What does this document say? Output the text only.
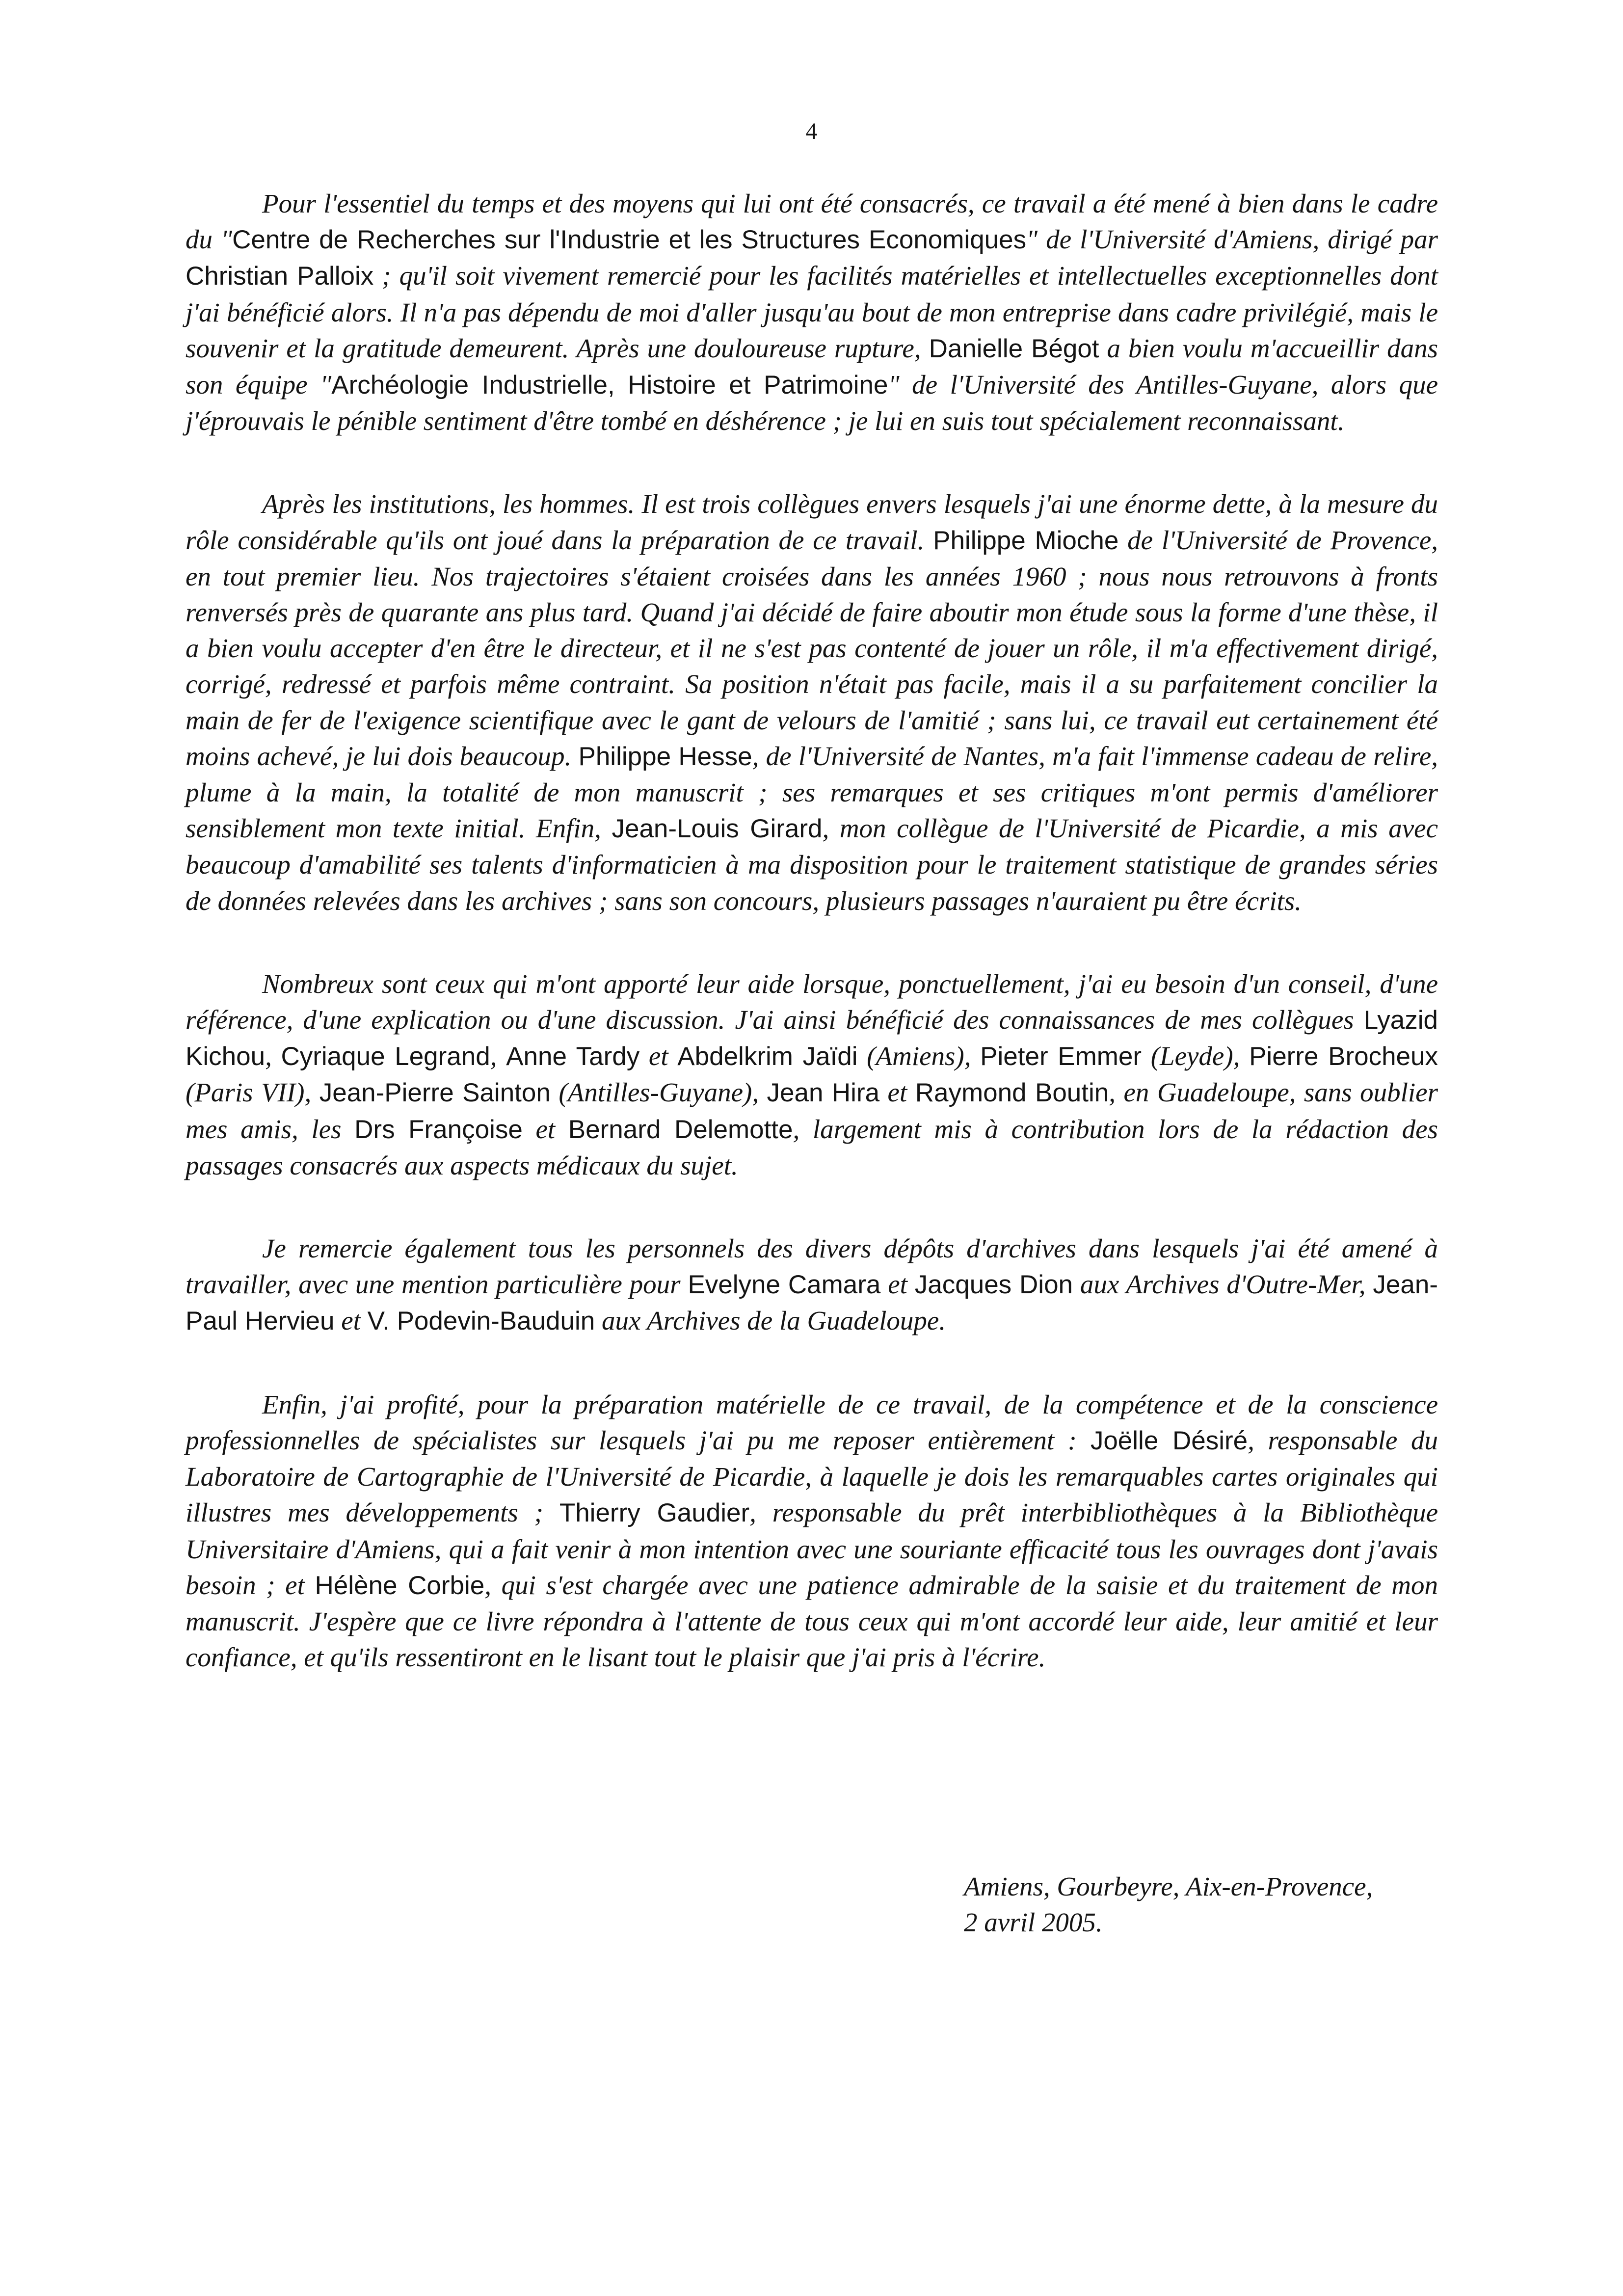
4

Pour l'essentiel du temps et des moyens qui lui ont été consacrés, ce travail a été mené à bien dans le cadre du "Centre de Recherches sur l'Industrie et les Structures Economiques" de l'Université d'Amiens, dirigé par Christian Palloix ; qu'il soit vivement remercié pour les facilités matérielles et intellectuelles exceptionnelles dont j'ai bénéficié alors. Il n'a pas dépendu de moi d'aller jusqu'au bout de mon entreprise dans cadre privilégié, mais le souvenir et la gratitude demeurent. Après une douloureuse rupture, Danielle Bégot a bien voulu m'accueillir dans son équipe "Archéologie Industrielle, Histoire et Patrimoine" de l'Université des Antilles-Guyane, alors que j'éprouvais le pénible sentiment d'être tombé en déshérence ; je lui en suis tout spécialement reconnaissant.

Après les institutions, les hommes. Il est trois collègues envers lesquels j'ai une énorme dette, à la mesure du rôle considérable qu'ils ont joué dans la préparation de ce travail. Philippe Mioche de l'Université de Provence, en tout premier lieu. Nos trajectoires s'étaient croisées dans les années 1960 ; nous nous retrouvons à fronts renversés près de quarante ans plus tard. Quand j'ai décidé de faire aboutir mon étude sous la forme d'une thèse, il a bien voulu accepter d'en être le directeur, et il ne s'est pas contenté de jouer un rôle, il m'a effectivement dirigé, corrigé, redressé et parfois même contraint. Sa position n'était pas facile, mais il a su parfaitement concilier la main de fer de l'exigence scientifique avec le gant de velours de l'amitié ; sans lui, ce travail eut certainement été moins achevé, je lui dois beaucoup. Philippe Hesse, de l'Université de Nantes, m'a fait l'immense cadeau de relire, plume à la main, la totalité de mon manuscrit ; ses remarques et ses critiques m'ont permis d'améliorer sensiblement mon texte initial. Enfin, Jean-Louis Girard, mon collègue de l'Université de Picardie, a mis avec beaucoup d'amabilité ses talents d'informaticien à ma disposition pour le traitement statistique de grandes séries de données relevées dans les archives ; sans son concours, plusieurs passages n'auraient pu être écrits.

Nombreux sont ceux qui m'ont apporté leur aide lorsque, ponctuellement, j'ai eu besoin d'un conseil, d'une référence, d'une explication ou d'une discussion. J'ai ainsi bénéficié des connaissances de mes collègues Lyazid Kichou, Cyriaque Legrand, Anne Tardy et Abdelkrim Jaïdi (Amiens), Pieter Emmer (Leyde), Pierre Brocheux (Paris VII), Jean-Pierre Sainton (Antilles-Guyane), Jean Hira et Raymond Boutin, en Guadeloupe, sans oublier mes amis, les Drs Françoise et Bernard Delemotte, largement mis à contribution lors de la rédaction des passages consacrés aux aspects médicaux du sujet.

Je remercie également tous les personnels des divers dépôts d'archives dans lesquels j'ai été amené à travailler, avec une mention particulière pour Evelyne Camara et Jacques Dion aux Archives d'Outre-Mer, Jean-Paul Hervieu et V. Podevin-Bauduin aux Archives de la Guadeloupe.

Enfin, j'ai profité, pour la préparation matérielle de ce travail, de la compétence et de la conscience professionnelles de spécialistes sur lesquels j'ai pu me reposer entièrement : Joëlle Désiré, responsable du Laboratoire de Cartographie de l'Université de Picardie, à laquelle je dois les remarquables cartes originales qui illustres mes développements ; Thierry Gaudier, responsable du prêt interbibliothèques à la Bibliothèque Universitaire d'Amiens, qui a fait venir à mon intention avec une souriante efficacité tous les ouvrages dont j'avais besoin ; et Hélène Corbie, qui s'est chargée avec une patience admirable de la saisie et du traitement de mon manuscrit. J'espère que ce livre répondra à l'attente de tous ceux qui m'ont accordé leur aide, leur amitié et leur confiance, et qu'ils ressentiront en le lisant tout le plaisir que j'ai pris à l'écrire.

Amiens, Gourbeyre, Aix-en-Provence,
2 avril 2005.
